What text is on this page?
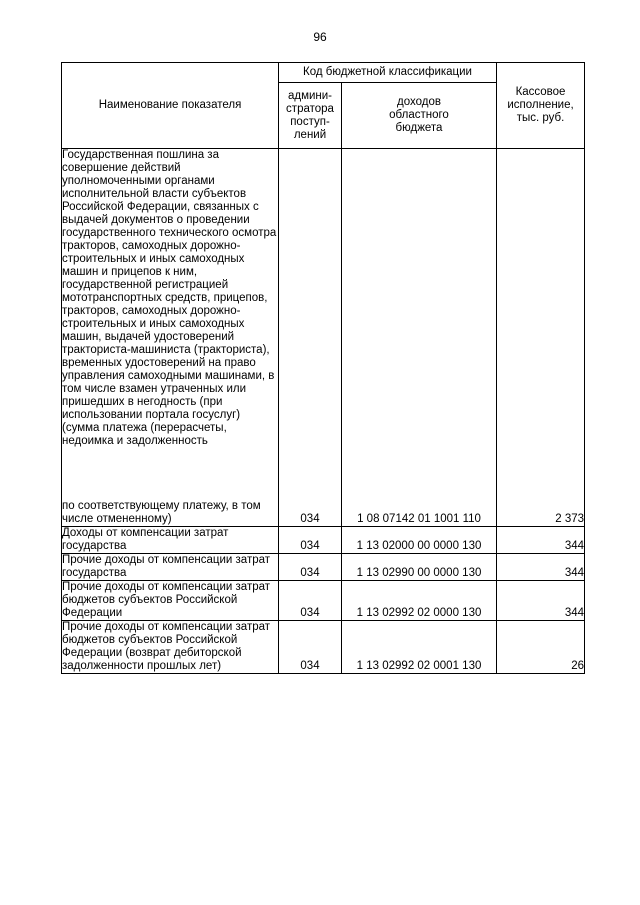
96
Наименование показателя	Код бюджетной классификации		Кассовое
исполнение,
тыс. руб.
	админи-
стратора
поступ-
лений	доходов
областного
бюджета	

Государственная пошлина за совершение действий уполномоченными органами исполнительной власти субъектов Российской Федерации, связанных с выдачей документов о проведении государственного технического осмотра тракторов, самоходных дорожно-строительных и иных самоходных машин и прицепов к ним, государственной регистрацией мототранспортных средств, прицепов, тракторов, самоходных дорожно-строительных и иных самоходных машин, выдачей удостоверений тракториста-машиниста (тракториста), временных удостоверений на право управления самоходными машинами, в том числе взамен утраченных или пришедших в негодность (при использовании портала госуслуг) (сумма платежа (перерасчеты, недоимка и задолженность
по соответствующему платежу, в том числе отмененному)	034	1 08 07142 01 1001 110	2 373
Доходы от компенсации затрат государства	034	1 13 02000 00 0000 130	344
Прочие доходы от компенсации затрат государства	034	1 13 02990 00 0000 130	344
Прочие доходы от компенсации затрат бюджетов субъектов Российской Федерации	034	1 13 02992 02 0000 130	344
Прочие доходы от компенсации затрат бюджетов субъектов Российской Федерации (возврат дебиторской задолженности прошлых лет)	034	1 13 02992 02 0001 130	26
